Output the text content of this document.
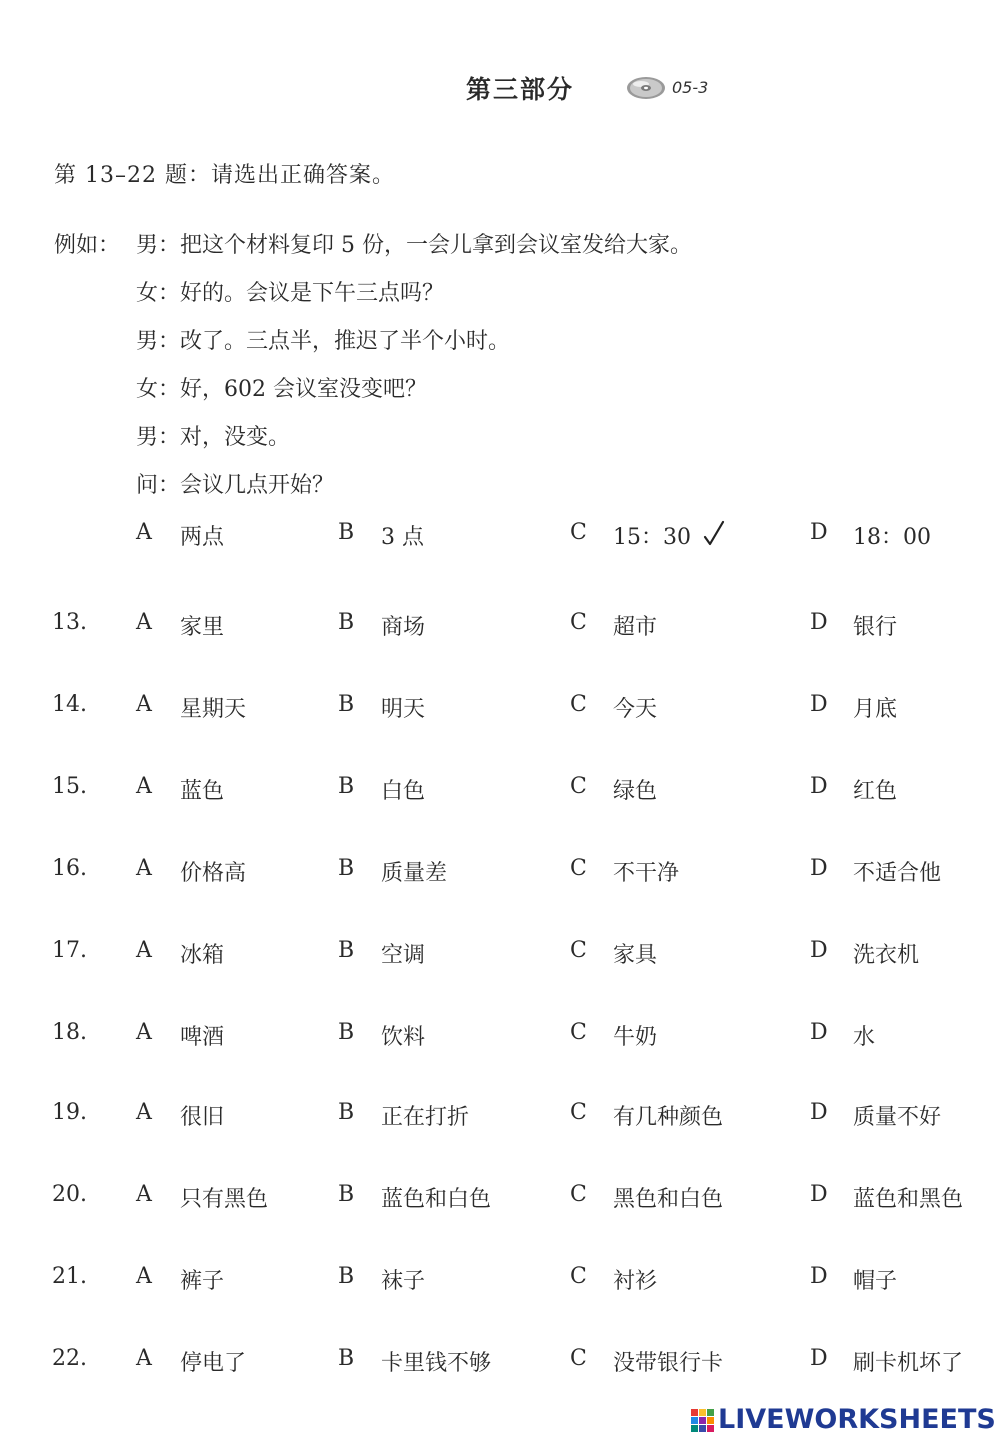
第三部分	05-3
第 13–22 题：请选出正确答案。
例如： 男：把这个材料复印 5 份，一会儿拿到会议室发给大家。
女：好的。会议是下午三点吗？
男：改了。三点半，推迟了半个小时。
女：好，602 会议室没变吧？
男：对，没变。
问：会议几点开始？
A 两点	B 3 点	C 15：30	D 18：00
13. A 家里	B 商场	C 超市	D 银行
14. A 星期天	B 明天	C 今天	D 月底
15. A 蓝色	B 白色	C 绿色	D 红色
16. A 价格高	B 质量差	C 不干净	D 不适合他
17. A 冰箱	B 空调	C 家具	D 洗衣机
18. A 啤酒	B 饮料	C 牛奶	D 水
19. A 很旧	B 正在打折	C 有几种颜色	D 质量不好
20. A 只有黑色	B 蓝色和白色	C 黑色和白色	D 蓝色和黑色
21. A 裤子	B 袜子	C 衬衫	D 帽子
22. A 停电了	B 卡里钱不够	C 没带银行卡	D 刷卡机坏了
LIVEWORKSHEETS
